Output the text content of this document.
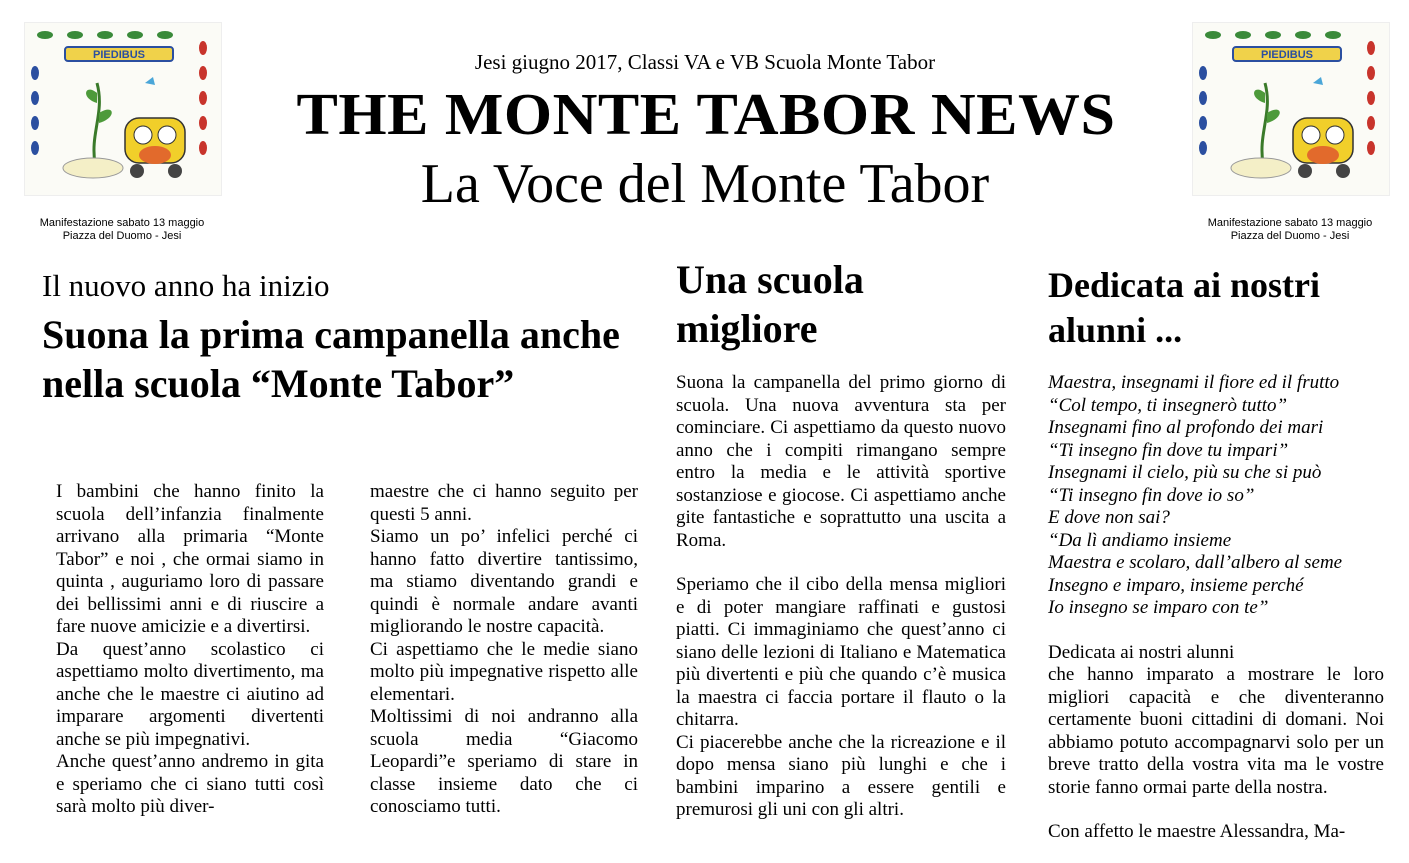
PIEDIBUS
Manifestazione sabato 13 maggio
Piazza del Duomo - Jesi
PIEDIBUS
Manifestazione sabato 13 maggio
Piazza del Duomo - Jesi
Jesi giugno 2017, Classi VA e VB Scuola Monte Tabor
THE MONTE TABOR NEWS
La Voce del Monte Tabor
Il nuovo anno ha inizio
Suona la prima campanella anche nella scuola “Monte Tabor”

I bambini che hanno finito la scuola dell’infanzia finalmente arrivano alla primaria “Monte Tabor” e noi , che ormai siamo in quinta , auguriamo loro di passare dei bellissimi anni e di riuscire a fare nuove amicizie e a divertirsi.

Da quest’anno scolastico ci aspettiamo molto divertimento, ma anche che le maestre ci aiutino ad imparare argomenti divertenti anche se più impegnativi.

Anche quest’anno andremo in gita e speriamo che ci siano tutti così sarà molto più diver-

maestre che ci hanno seguito per questi 5 anni.

Siamo un po’ infelici perché ci hanno fatto divertire tantissimo, ma stiamo diventando grandi e quindi è normale andare avanti migliorando le nostre capacità.

Ci aspettiamo che le medie siano molto più impegnative rispetto alle elementari.

Moltissimi di noi andranno alla scuola media “Giacomo Leopardi”e speriamo di stare in classe insieme dato che ci conosciamo tutti.

Una scuola migliore

Suona la campanella del primo giorno di scuola. Una nuova avventura sta per cominciare. Ci aspettiamo da questo nuovo anno che i compiti rimangano sempre entro la media e le attività sportive sostanziose e giocose. Ci aspettiamo anche gite fantastiche e soprattutto una uscita a Roma.

Speriamo che il cibo della mensa migliori e di poter mangiare raffinati e gustosi piatti. Ci immaginiamo che quest’anno ci siano delle lezioni di Italiano e Matematica più divertenti e più che quando c’è musica la maestra ci faccia portare il flauto o la chitarra.

Ci piacerebbe anche che la ricreazione e il dopo mensa siano più lunghi e che i bambini imparino a essere gentili e premurosi gli uni con gli altri.

Dedicata ai nostri alunni ...
Maestra, insegnami il fiore ed il frutto
“Col tempo, ti insegnerò tutto”
Insegnami fino al profondo dei mari
“Ti insegno fin dove tu impari”
Insegnami il cielo, più su che si può
“Ti insegno fin dove io so”
E dove non sai?
“Da lì andiamo insieme
Maestra e scolaro, dall’albero al seme
Insegno e imparo, insieme perché
Io insegno se imparo con te”

Dedicata ai nostri alunni

che hanno imparato a mostrare le loro migliori capacità e che diventeranno certamente buoni cittadini di domani. Noi abbiamo potuto accompagnarvi solo per un breve tratto della vostra vita ma le vostre storie fanno ormai parte della nostra.

Con affetto le maestre Alessandra, Ma-
